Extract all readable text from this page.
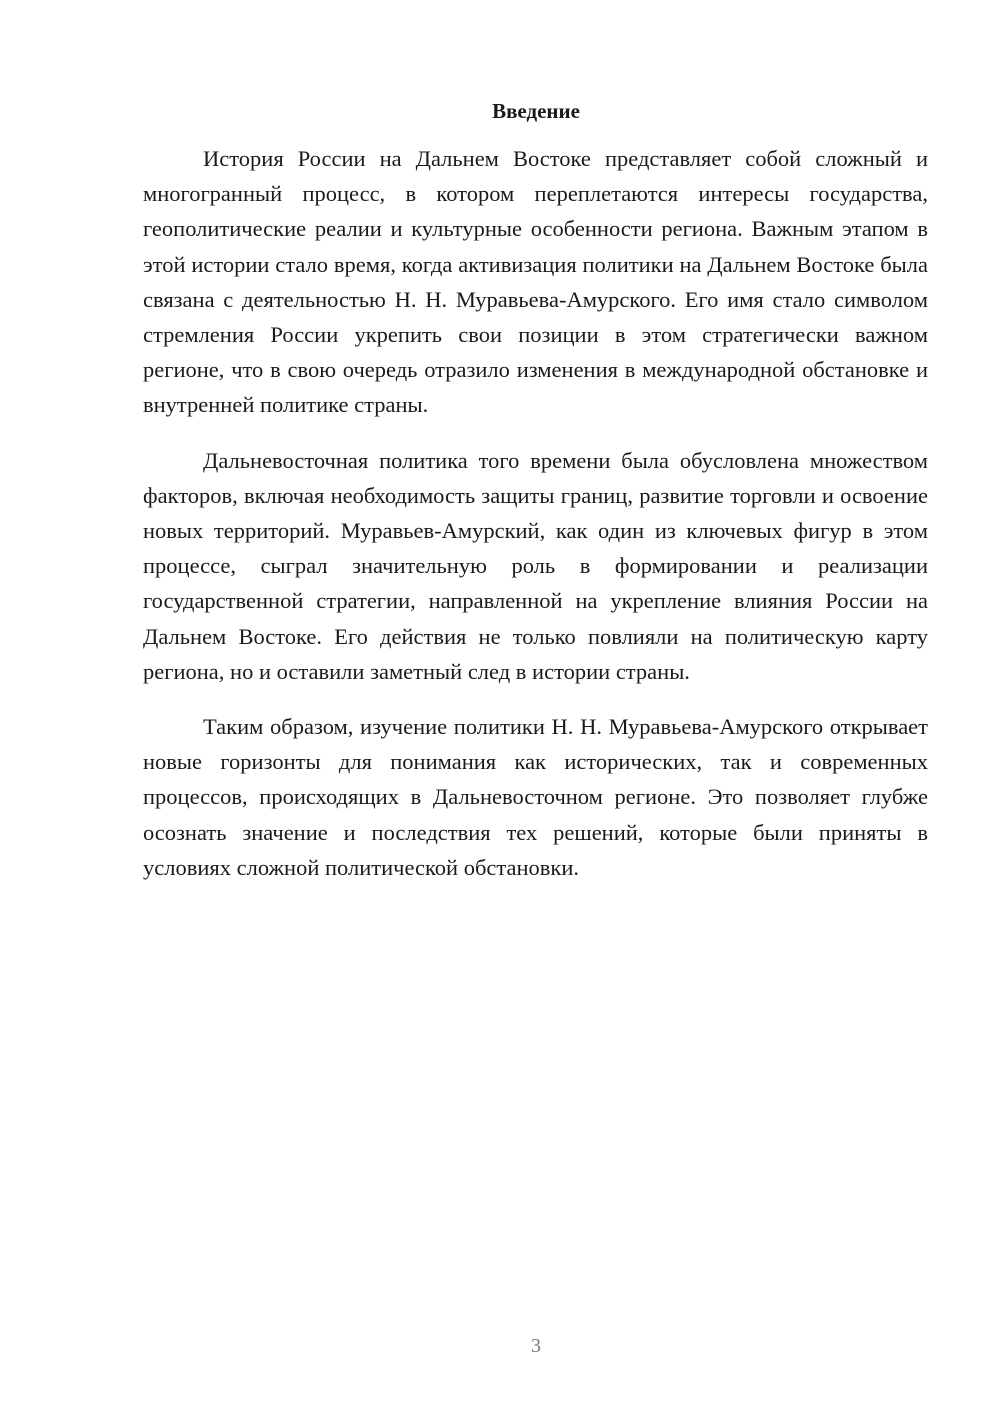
Введение

История России на Дальнем Востоке представляет собой сложный и многогранный процесс, в котором переплетаются интересы государства, геополитические реалии и культурные особенности региона. Важным этапом в этой истории стало время, когда активизация политики на Дальнем Востоке была связана с деятельностью Н. Н. Муравьева-Амурского. Его имя стало символом стремления России укрепить свои позиции в этом стратегически важном регионе, что в свою очередь отразило изменения в международной обстановке и внутренней политике страны.

Дальневосточная политика того времени была обусловлена множеством факторов, включая необходимость защиты границ, развитие торговли и освоение новых территорий. Муравьев-Амурский, как один из ключевых фигур в этом процессе, сыграл значительную роль в формировании и реализации государственной стратегии, направленной на укрепление влияния России на Дальнем Востоке. Его действия не только повлияли на политическую карту региона, но и оставили заметный след в истории страны.

Таким образом, изучение политики Н. Н. Муравьева-Амурского открывает новые горизонты для понимания как исторических, так и современных процессов, происходящих в Дальневосточном регионе. Это позволяет глубже осознать значение и последствия тех решений, которые были приняты в условиях сложной политической обстановки.

3
